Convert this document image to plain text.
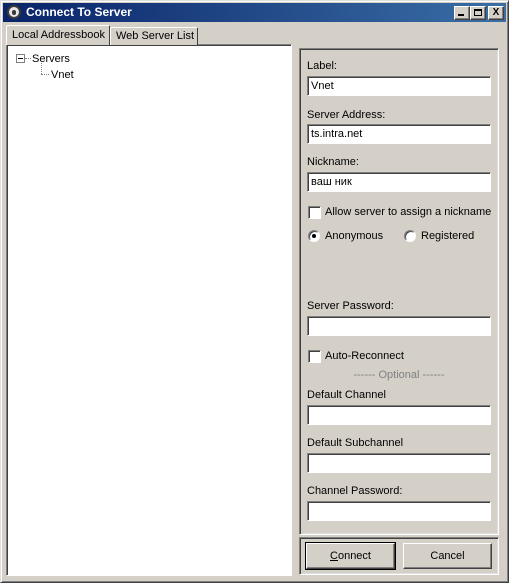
Connect To Server	X
Local Addressbook	Web Server List
Servers
Vnet
Label:
Vnet
Server Address:
ts.intra.net
Nickname:
ваш ник
Allow server to assign a nickname
Anonymous	Registered
Server Password:
Auto-Reconnect
------ Optional ------
Default Channel
Default Subchannel
Channel Password:
Connect	Cancel
